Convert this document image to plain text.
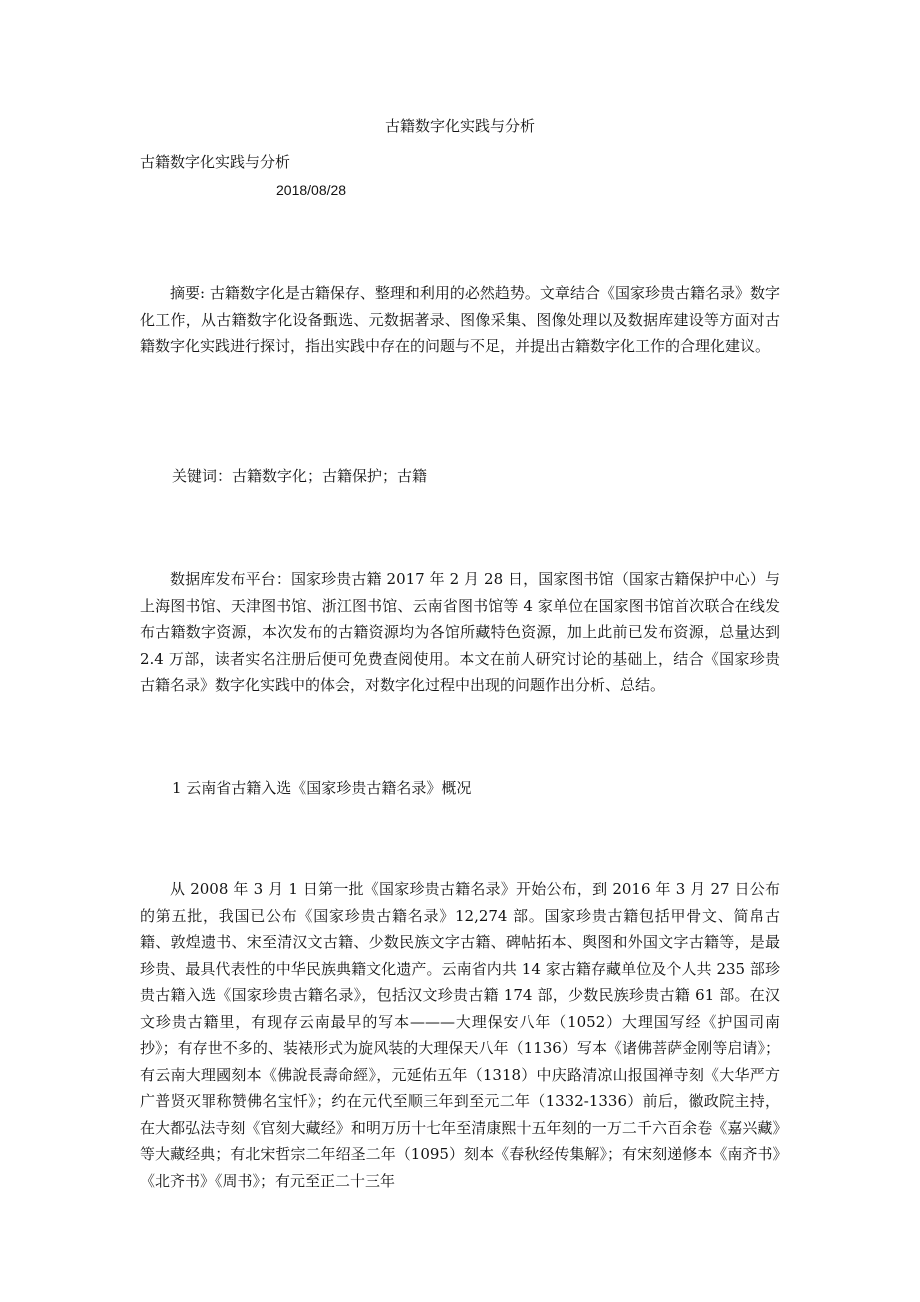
古籍数字化实践与分析
古籍数字化实践与分析
2018/08/28

摘要: 古籍数字化是古籍保存、整理和利用的必然趋势。文章结合《国家珍贵古籍名录》数字化工作，从古籍数字化设备甄选、元数据著录、图像采集、图像处理以及数据库建设等方面对古籍数字化实践进行探讨，指出实践中存在的问题与不足，并提出古籍数字化工作的合理化建议。

关键词：古籍数字化；古籍保护；古籍

数据库发布平台：国家珍贵古籍 2017 年 2 月 28 日，国家图书馆（国家古籍保护中心）与上海图书馆、天津图书馆、浙江图书馆、云南省图书馆等 4 家单位在国家图书馆首次联合在线发布古籍数字资源，本次发布的古籍资源均为各馆所藏特色资源，加上此前已发布资源，总量达到 2.4 万部，读者实名注册后便可免费查阅使用。本文在前人研究讨论的基础上，结合《国家珍贵古籍名录》数字化实践中的体会，对数字化过程中出现的问题作出分析、总结。

1 云南省古籍入选《国家珍贵古籍名录》概况

从 2008 年 3 月 1 日第一批《国家珍贵古籍名录》开始公布，到 2016 年 3 月 27 日公布的第五批，我国已公布《国家珍贵古籍名录》12,274 部。国家珍贵古籍包括甲骨文、简帛古籍、敦煌遗书、宋至清汉文古籍、少数民族文字古籍、碑帖拓本、舆图和外国文字古籍等，是最珍贵、最具代表性的中华民族典籍文化遗产。云南省内共 14 家古籍存藏单位及个人共 235 部珍贵古籍入选《国家珍贵古籍名录》，包括汉文珍贵古籍 174 部，少数民族珍贵古籍 61 部。在汉文珍贵古籍里，有现存云南最早的写本———大理保安八年（1052）大理国写经《护国司南抄》；有存世不多的、装裱形式为旋风装的大理保天八年（1136）写本《诸佛菩萨金刚等启请》；有云南大理國刻本《佛說長壽命經》，元延佑五年（1318）中庆路清凉山报国禅寺刻《大华严方广普贤灭罪称赞佛名宝忏》；约在元代至顺三年到至元二年（1332-1336）前后，徽政院主持，在大都弘法寺刻《官刻大藏经》和明万历十七年至清康熙十五年刻的一万二千六百余卷《嘉兴藏》等大藏经典；有北宋哲宗二年绍圣二年（1095）刻本《春秋经传集解》；有宋刻递修本《南齐书》《北齐书》《周书》；有元至正二十三年
